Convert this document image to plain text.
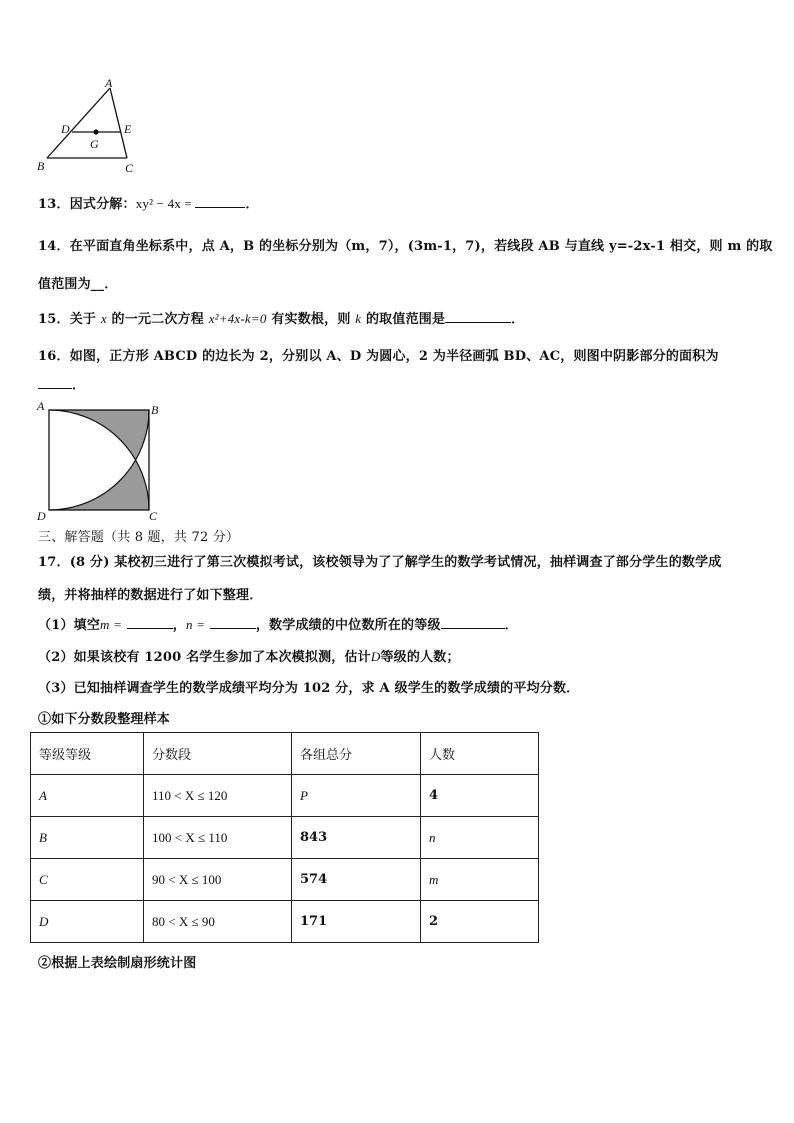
A
D	E
G
B	C
13．因式分解：xy² − 4x =	．
14．在平面直角坐标系中，点 A，B 的坐标分别为（m，7），(3m-1，7)，若线段 AB 与直线 y=-2x-1 相交，则 m 的取
值范围为__．
15．关于 x 的一元二次方程 x²+4x-k=0 有实数根，则 k 的取值范围是	．
16．如图，正方形 ABCD 的边长为 2，分别以 A、D 为圆心，2 为半径画弧 BD、AC，则图中阴影部分的面积为
．
A	B
D	C
三、解答题（共 8 题，共 72 分）
17．(8 分) 某校初三进行了第三次模拟考试，该校领导为了了解学生的数学考试情况，抽样调查了部分学生的数学成
绩，并将抽样的数据进行了如下整理．
（1）填空m =	，n =	，数学成绩的中位数所在的等级	．
（2）如果该校有 1200 名学生参加了本次模拟测，估计D等级的人数；
（3）已知抽样调查学生的数学成绩平均分为 102 分，求 A 级学生的数学成绩的平均分数．
①如下分数段整理样本
等级等级	分数段	各组总分	人数
A	110 < X ≤ 120	P	4
B	100 < X ≤ 110	843	n
C	90 < X ≤ 100	574	m
D	80 < X ≤ 90	171	2
②根据上表绘制扇形统计图
